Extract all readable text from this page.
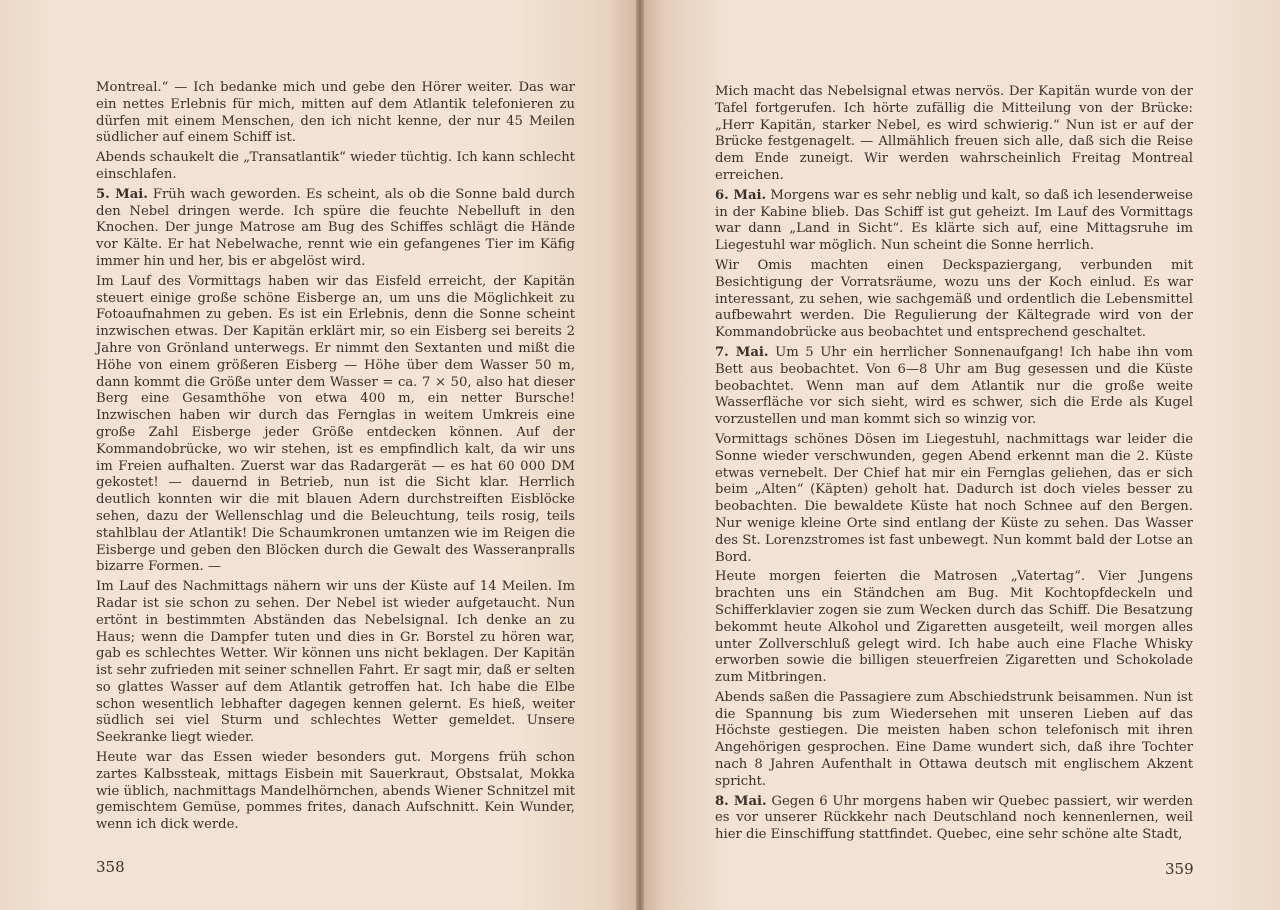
Montreal.“ — Ich bedanke mich und gebe den Hörer weiter. Das war ein nettes Erlebnis für mich, mitten auf dem Atlantik telefonieren zu dürfen mit einem Menschen, den ich nicht kenne, der nur 45 Meilen südlicher auf einem Schiff ist.

Abends schaukelt die „Transatlantik“ wieder tüchtig. Ich kann schlecht einschlafen.

5. Mai. Früh wach geworden. Es scheint, als ob die Sonne bald durch den Nebel dringen werde. Ich spüre die feuchte Nebelluft in den Knochen. Der junge Matrose am Bug des Schiffes schlägt die Hände vor Kälte. Er hat Nebelwache, rennt wie ein gefangenes Tier im Käfig immer hin und her, bis er abgelöst wird.

Im Lauf des Vormittags haben wir das Eisfeld erreicht, der Kapitän steuert einige große schöne Eisberge an, um uns die Möglichkeit zu Fotoaufnahmen zu geben. Es ist ein Erlebnis, denn die Sonne scheint inzwischen etwas. Der Kapitän erklärt mir, so ein Eisberg sei bereits 2 Jahre von Grönland unterwegs. Er nimmt den Sextanten und mißt die Höhe von einem größeren Eisberg — Höhe über dem Wasser 50 m, dann kommt die Größe unter dem Wasser = ca. 7 × 50, also hat dieser Berg eine Gesamthöhe von etwa 400 m, ein netter Bursche! Inzwischen haben wir durch das Fernglas in weitem Umkreis eine große Zahl Eisberge jeder Größe entdecken können. Auf der Kommandobrücke, wo wir stehen, ist es empfindlich kalt, da wir uns im Freien aufhalten. Zuerst war das Radargerät — es hat 60 000 DM gekostet! — dauernd in Betrieb, nun ist die Sicht klar. Herrlich deutlich konnten wir die mit blauen Adern durchstreiften Eisblöcke sehen, dazu der Wellenschlag und die Beleuchtung, teils rosig, teils stahlblau der Atlantik! Die Schaumkronen umtanzen wie im Reigen die Eisberge und geben den Blöcken durch die Gewalt des Wasseranpralls bizarre Formen. —

Im Lauf des Nachmittags nähern wir uns der Küste auf 14 Meilen. Im Radar ist sie schon zu sehen. Der Nebel ist wieder aufgetaucht. Nun ertönt in bestimmten Abständen das Nebelsignal. Ich denke an zu Haus; wenn die Dampfer tuten und dies in Gr. Borstel zu hören war, gab es schlechtes Wetter. Wir können uns nicht beklagen. Der Kapitän ist sehr zufrieden mit seiner schnellen Fahrt. Er sagt mir, daß er selten so glattes Wasser auf dem Atlantik getroffen hat. Ich habe die Elbe schon wesentlich lebhafter dagegen kennen gelernt. Es hieß, weiter südlich sei viel Sturm und schlechtes Wetter gemeldet. Unsere Seekranke liegt wieder.

Heute war das Essen wieder besonders gut. Morgens früh schon zartes Kalbssteak, mittags Eisbein mit Sauerkraut, Obstsalat, Mokka wie üblich, nachmittags Mandelhörnchen, abends Wiener Schnitzel mit gemischtem Gemüse, pommes frites, danach Aufschnitt. Kein Wunder, wenn ich dick werde.

358

Mich macht das Nebelsignal etwas nervös. Der Kapitän wurde von der Tafel fortgerufen. Ich hörte zufällig die Mitteilung von der Brücke: „Herr Kapitän, starker Nebel, es wird schwierig.“ Nun ist er auf der Brücke festgenagelt. — Allmählich freuen sich alle, daß sich die Reise dem Ende zuneigt. Wir werden wahrscheinlich Freitag Montreal erreichen.

6. Mai. Morgens war es sehr neblig und kalt, so daß ich lesenderweise in der Kabine blieb. Das Schiff ist gut geheizt. Im Lauf des Vormittags war dann „Land in Sicht“. Es klärte sich auf, eine Mittagsruhe im Liegestuhl war möglich. Nun scheint die Sonne herrlich.

Wir Omis machten einen Deckspaziergang, verbunden mit Besichtigung der Vorratsräume, wozu uns der Koch einlud. Es war interessant, zu sehen, wie sachgemäß und ordentlich die Lebensmittel aufbewahrt werden. Die Regulierung der Kältegrade wird von der Kommandobrücke aus beobachtet und entsprechend geschaltet.

7. Mai. Um 5 Uhr ein herrlicher Sonnenaufgang! Ich habe ihn vom Bett aus beobachtet. Von 6—8 Uhr am Bug gesessen und die Küste beobachtet. Wenn man auf dem Atlantik nur die große weite Wasserfläche vor sich sieht, wird es schwer, sich die Erde als Kugel vorzustellen und man kommt sich so winzig vor.

Vormittags schönes Dösen im Liegestuhl, nachmittags war leider die Sonne wieder verschwunden, gegen Abend erkennt man die 2. Küste etwas vernebelt. Der Chief hat mir ein Fernglas geliehen, das er sich beim „Alten“ (Käpten) geholt hat. Dadurch ist doch vieles besser zu beobachten. Die bewaldete Küste hat noch Schnee auf den Bergen. Nur wenige kleine Orte sind entlang der Küste zu sehen. Das Wasser des St. Lorenzstromes ist fast unbewegt. Nun kommt bald der Lotse an Bord.

Heute morgen feierten die Matrosen „Vatertag“. Vier Jungens brachten uns ein Ständchen am Bug. Mit Kochtopfdeckeln und Schifferklavier zogen sie zum Wecken durch das Schiff. Die Besatzung bekommt heute Alkohol und Zigaretten ausgeteilt, weil morgen alles unter Zollverschluß gelegt wird. Ich habe auch eine Flache Whisky erworben sowie die billigen steuerfreien Zigaretten und Schokolade zum Mitbringen.

Abends saßen die Passagiere zum Abschiedstrunk beisammen. Nun ist die Spannung bis zum Wiedersehen mit unseren Lieben auf das Höchste gestiegen. Die meisten haben schon telefonisch mit ihren Angehörigen gesprochen. Eine Dame wundert sich, daß ihre Tochter nach 8 Jahren Aufenthalt in Ottawa deutsch mit englischem Akzent spricht.

8. Mai. Gegen 6 Uhr morgens haben wir Quebec passiert, wir werden es vor unserer Rückkehr nach Deutschland noch kennenlernen, weil hier die Einschiffung stattfindet. Quebec, eine sehr schöne alte Stadt,

359
